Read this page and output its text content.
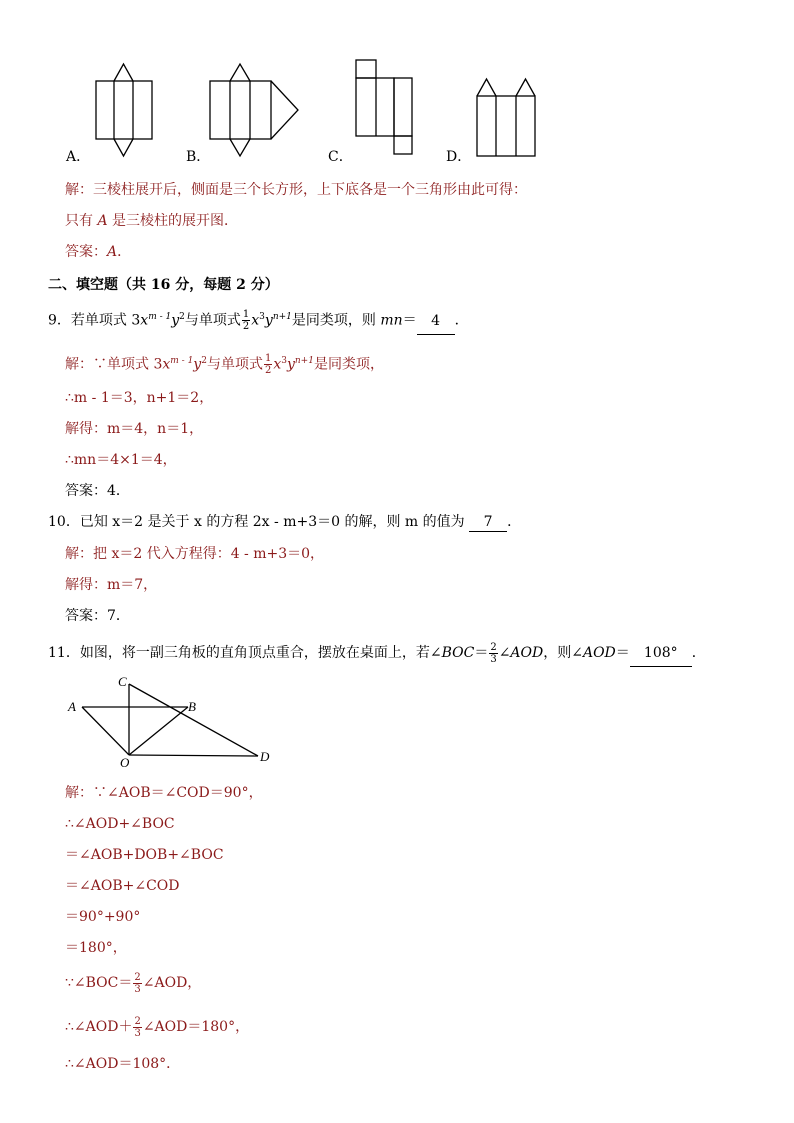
A．	B．	C．	D．
解：三棱柱展开后，侧面是三个长方形，上下底各是一个三角形由此可得：
只有 A 是三棱柱的展开图．
答案：A．
二、填空题（共 16 分，每题 2 分）
9．若单项式 $3x^{m - 1}y^2$与单项式 $\frac{1}{2} x^3y^{n+1}$是同类项，则 mn＝ 4 ．
解：∵单项式 $3x^{m - 1}y^2$与单项式 $\frac{1}{2} x^3y^{n+1}$是同类项，
∴m - 1＝3，n+1＝2，
解得：m＝4，n＝1，
∴mn＝4×1＝4，
答案：4．
10．已知 x＝2 是关于 x 的方程 2x - m+3＝0 的解，则 m 的值为 7 ．
解：把 x＝2 代入方程得：4 - m+3＝0，
解得：m＝7，
答案：7．
11．如图，将一副三角板的直角顶点重合，摆放在桌面上，若∠BOC＝ $\frac{2}{3}$ ∠AOD，则∠AOD＝ 108° ．
C
A	B
D
O
解：∵∠AOB＝∠COD＝90°，
∴∠AOD+∠BOC
＝∠AOB+DOB+∠BOC
＝∠AOB+∠COD
＝90°+90°
＝180°，
∵∠BOC＝ $\frac{2}{3}$ ∠AOD，
∴∠AOD＋ $\frac{2}{3}$ ∠AOD＝180°，
∴∠AOD＝108°．
